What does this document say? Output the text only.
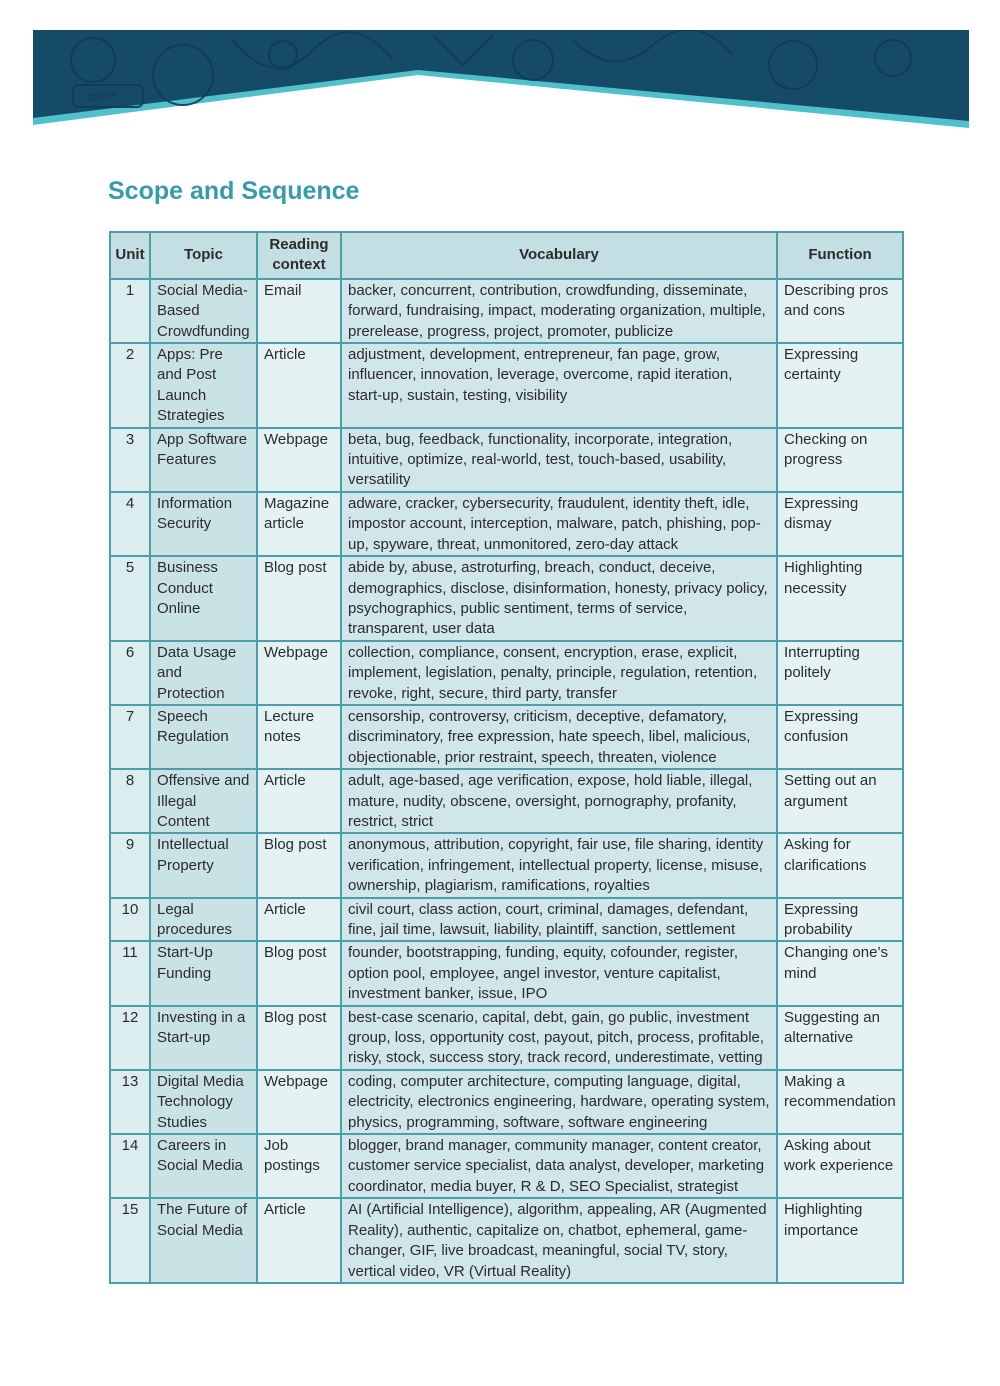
follow
Scope and Sequence
Unit	Topic	Reading context	Vocabulary	Function
1	Social Media-Based Crowdfunding	Email	backer, concurrent, contribution, crowdfunding, disseminate, forward, fundraising, impact, moderating organization, multiple, prerelease, progress, project, promoter, publicize	Describing pros and cons
2	Apps: Pre and Post Launch Strategies	Article	adjustment, development, entrepreneur, fan page, grow, influencer, innovation, leverage, overcome, rapid iteration, start-up, sustain, testing, visibility	Expressing certainty
3	App Software Features	Webpage	beta, bug, feedback, functionality, incorporate, integration, intuitive, optimize, real-world, test, touch-based, usability, versatility	Checking on progress
4	Information Security	Magazine article	adware, cracker, cybersecurity, fraudulent, identity theft, idle, impostor account, interception, malware, patch, phishing, pop-up, spyware, threat, unmonitored, zero-day attack	Expressing dismay
5	Business Conduct Online	Blog post	abide by, abuse, astroturfing, breach, conduct, deceive, demographics, disclose, disinformation, honesty, privacy policy, psychographics, public sentiment, terms of service, transparent, user data	Highlighting necessity
6	Data Usage and Protection	Webpage	collection, compliance, consent, encryption, erase, explicit, implement, legislation, penalty, principle, regulation, retention, revoke, right, secure, third party, transfer	Interrupting politely
7	Speech Regulation	Lecture notes	censorship, controversy, criticism, deceptive, defamatory, discriminatory, free expression, hate speech, libel, malicious, objectionable, prior restraint, speech, threaten, violence	Expressing confusion
8	Offensive and Illegal Content	Article	adult, age-based, age verification, expose, hold liable, illegal, mature, nudity, obscene, oversight, pornography, profanity, restrict, strict	Setting out an argument
9	Intellectual Property	Blog post	anonymous, attribution, copyright, fair use, file sharing, identity verification, infringement, intellectual property, license, misuse, ownership, plagiarism, ramifications, royalties	Asking for clarifications
10	Legal procedures	Article	civil court, class action, court, criminal, damages, defendant, fine, jail time, lawsuit, liability, plaintiff, sanction, settlement	Expressing probability
11	Start-Up Funding	Blog post	founder, bootstrapping, funding, equity, cofounder, register, option pool, employee, angel investor, venture capitalist, investment banker, issue, IPO	Changing one’s mind
12	Investing in a Start-up	Blog post	best-case scenario, capital, debt, gain, go public, investment group, loss, opportunity cost, payout, pitch, process, profitable, risky, stock, success story, track record, underestimate, vetting	Suggesting an alternative
13	Digital Media Technology Studies	Webpage	coding, computer architecture, computing language, digital, electricity, electronics engineering, hardware, operating system, physics, programming, software, software engineering	Making a recommendation
14	Careers in Social Media	Job postings	blogger, brand manager, community manager, content creator, customer service specialist, data analyst, developer, marketing coordinator, media buyer, R & D, SEO Specialist, strategist	Asking about work experience
15	The Future of Social Media	Article	AI (Artificial Intelligence), algorithm, appealing, AR (Augmented Reality), authentic, capitalize on, chatbot, ephemeral, game-changer, GIF, live broadcast, meaningful, social TV, story, vertical video, VR (Virtual Reality)	Highlighting importance
